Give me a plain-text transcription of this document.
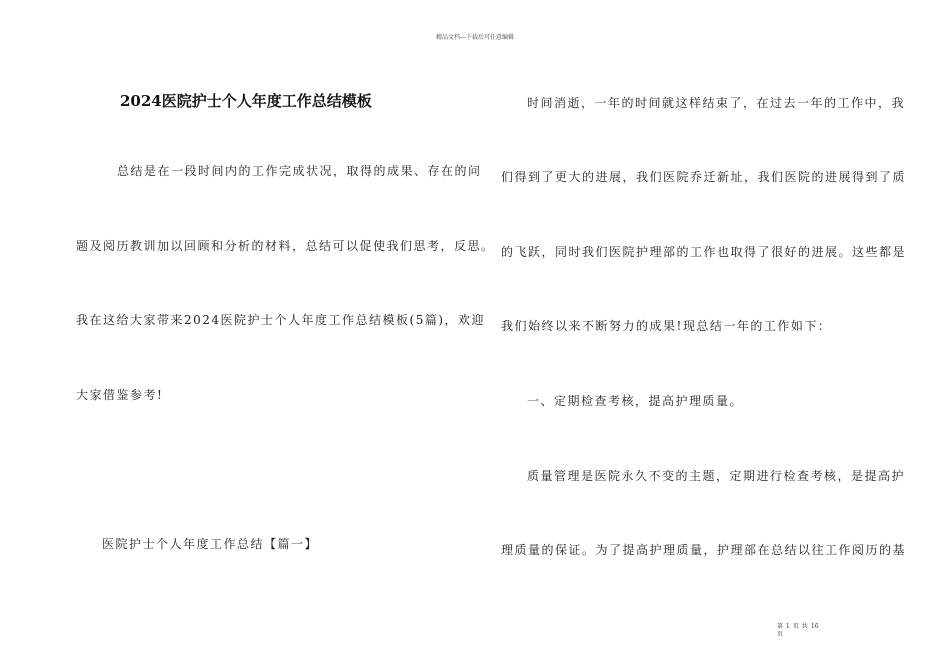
精品文档---下载后可任意编辑
2024医院护士个人年度工作总结模板
总结是在一段时间内的工作完成状况，取得的成果、存在的问
题及阅历教训加以回顾和分析的材料，总结可以促使我们思考，反思。
我在这给大家带来2024医院护士个人年度工作总结模板(5篇)，欢迎
大家借鉴参考!
医院护士个人年度工作总结【篇一】
时间消逝，一年的时间就这样结束了，在过去一年的工作中，我
们得到了更大的进展，我们医院乔迁新址，我们医院的进展得到了质
的飞跃，同时我们医院护理部的工作也取得了很好的进展。这些都是
我们始终以来不断努力的成果!现总结一年的工作如下：
一、定期检查考核，提高护理质量。
质量管理是医院永久不变的主题，定期进行检查考核，是提高护
理质量的保证。为了提高护理质量，护理部在总结以往工作阅历的基
第 1 页 共 16
页
